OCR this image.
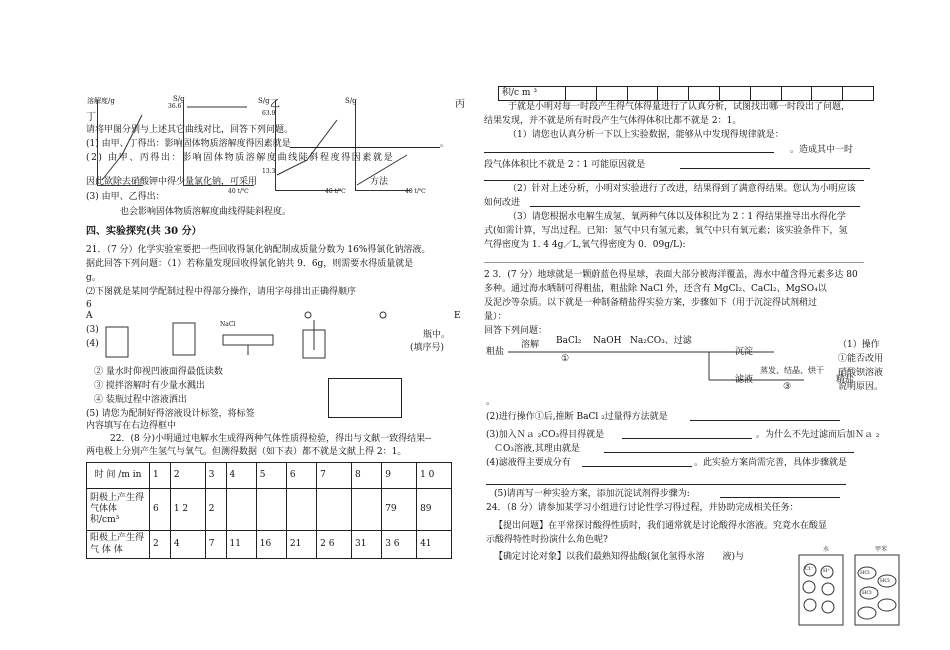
溶解度/g	S/g
36.6
S/g 乙
63.9
13.3
S/g	丙
丁
40 t/℃	40 t/℃	40 t/℃
请将甲图分别与上述其它曲线对比，回答下列问题。
(1) 由甲、丁得出：影响固体物质溶解度得因素就是	。
(2) 由甲、丙得出：影响固体物质溶解度曲线陡斜程度得因素就是
因此欲除去硝酸钾中得少量氯化钠，可采用	方法
(3) 由甲、乙得出：
也会影响固体物质溶解度曲线得陡斜程度。
四、实验探究(共 30 分）
21．（7 分）化学实验室要把一些回收得氯化钠配制成质量分数为 16%得氯化钠溶液。
据此回答下列问题：（1）若称量发现回收得氯化钠共 9．6g，则需要水得质量就是
g。
⑵下图就是某同学配制过程中得部分操作，请用字母排出正确得顺序
6
A	E
(3)
(4)
NaCl
瓶中。
(填序号)
② 量水时仰视凹液面得最低读数
③ 搅拌溶解时有少量水溅出
④ 装瓶过程中溶液洒出
(5) 请您为配制好得溶液设计标签，将标签
内容填写在右边得框中
22．(8 分)小明通过电解水生成得两种气体性质得检验，得出与文献一致得结果--
两电极上分别产生氢气与氧气。但测得数据（如下表）都不就是文献上得 2：1。
时 间 /m in	1	2	3	4	5	6	7	8	9	1 0
阴极上产生得气体体积/cm³	6	1 2	2						79	89
阳极上产生得 气 体 体	2	4	7	11	16	21	2 6	31	3 6	41
积/c m ³										
于就是小明对每一时段产生得气体得量进行了认真分析，试图找出哪一时段出了问题，
结果发现，并不就是所有时段产生气体得体积比都不就是 2：1。
（1）请您也认真分析一下以上实验数据，能够从中发现得规律就是：
。造成其中一时
段气体体积比不就是 2∶1 可能原因就是
（2）针对上述分析，小明对实验进行了改进，结果得到了满意得结果。您认为小明应该
如何改进
（3）请您根据水电解生成氢、氧两种气体以及体积比为 2∶1 得结果推导出水得化学
式(如需计算，写出过程。已知：氢气中只有氢元素，氧气中只有氧元素；该实验条件下，氢
气得密度为 1. 4 4g／L,氧气得密度为 0．09g/L):
2 3．(7 分）地球就是一颗蔚蓝色得星球，表面大部分被海洋覆盖，海水中蕴含得元素多达 80
多种。通过海水晒制可得粗盐，粗盐除 NaCl 外，还含有 MgCl₂、CaCl₂、MgSO₄以
及泥沙等杂质。以下就是一种制备精盐得实验方案，步骤如下（用于沉淀得试剂稍过
量）：
回答下列问题：
粗盐
溶解 BaCl₂
①
NaOH Na₂CO₃、过滤
沉淀
滤液
蒸发、结晶、烘干
③
精盐
（1）操作
①能否改用
硝酸钡溶液
说明原因。
。
(2)进行操作①后,推断 BaCl ₂过量得方法就是
(3)加入Ｎａ ₂CO₃得目得就是	。为什么不先过滤而后加Ｎａ ₂
ＣO₃溶液,其理由就是
(4)滤液得主要成分有	。此实验方案尚需完善，具体步骤就是
(5)请再写一种实验方案，添加沉淀试剂得步骤为:
24．（8 分）请参加某学习小组进行讨论性学习得过程，并协助完成相关任务：
【提出问题】在平常探讨酸得性质时，我们通常就是讨论酸得水溶液。究竟水在酸显
示酸得特性时扮演什么角色呢?
【确定讨论对象】以我们最熟知得盐酸(氯化氢得水溶　　液)与
水	甲苯
Cl⁻ H⁺	HCl
HCl
HCl
